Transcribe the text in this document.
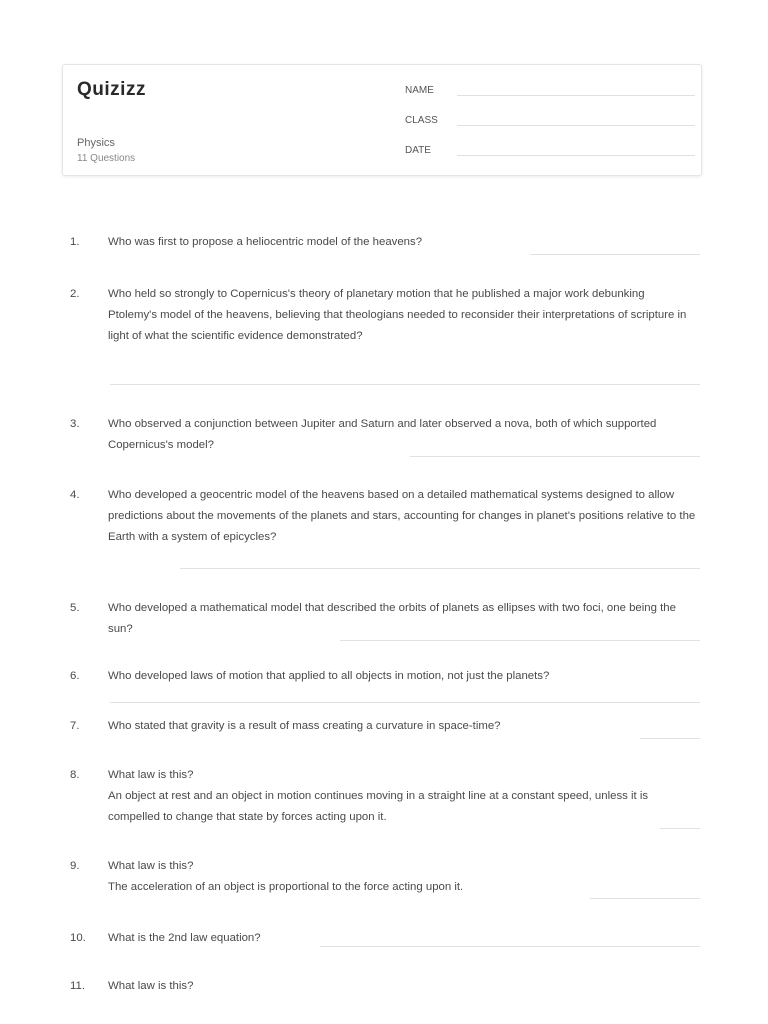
Quizizz
Physics
11 Questions
NAME
CLASS
DATE
1.	Who was first to propose a heliocentric model of the heavens?
2.	Who held so strongly to Copernicus's theory of planetary motion that he published a major work debunking Ptolemy's model of the heavens, believing that theologians needed to reconsider their interpretations of scripture in light of what the scientific evidence demonstrated?
3.	Who observed a conjunction between Jupiter and Saturn and later observed a nova, both of which supported Copernicus's model?
4.	Who developed a geocentric model of the heavens based on a detailed mathematical systems designed to allow predictions about the movements of the planets and stars, accounting for changes in planet's positions relative to the Earth with a system of epicycles?
5.	Who developed a mathematical model that described the orbits of planets as ellipses with two foci, one being the sun?
6.	Who developed laws of motion that applied to all objects in motion, not just the planets?
7.	Who stated that gravity is a result of mass creating a curvature in space-time?
8.	What law is this?
An object at rest and an object in motion continues moving in a straight line at a constant speed, unless it is compelled to change that state by forces acting upon it.
9.	What law is this?
The acceleration of an object is proportional to the force acting upon it.
10.	What is the 2nd law equation?
11.	What law is this?
